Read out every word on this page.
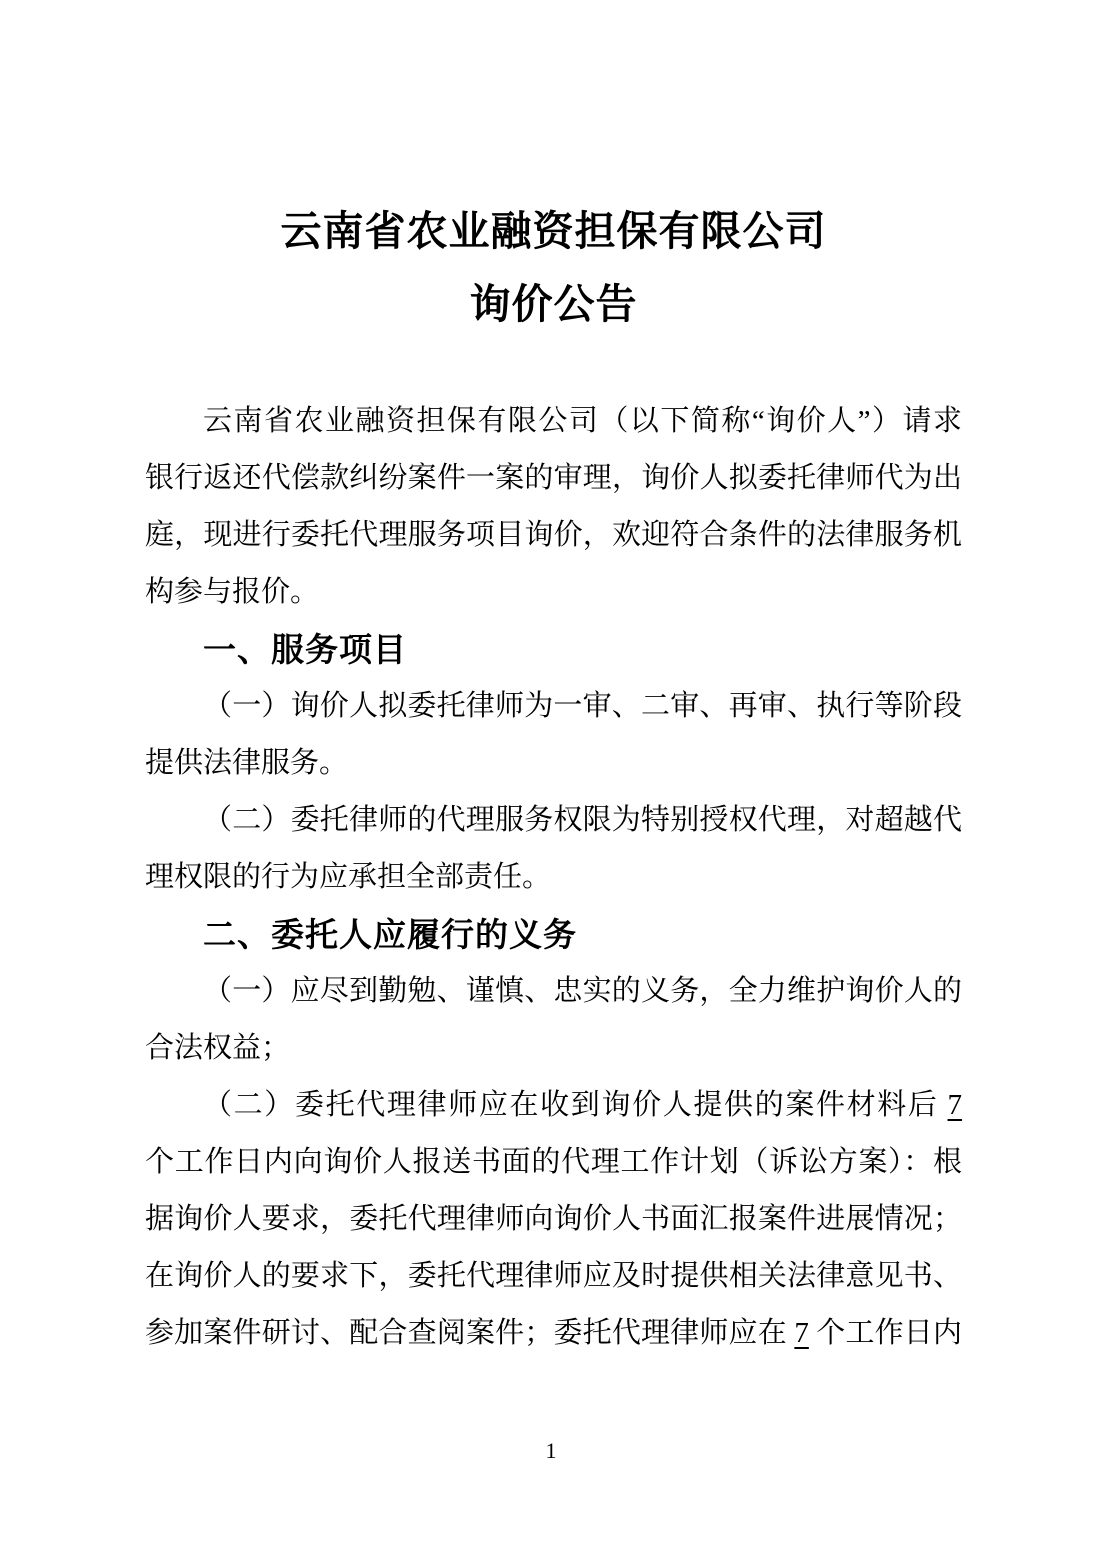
云南省农业融资担保有限公司
询价公告
云南省农业融资担保有限公司（以下简称“询价人”）请求
银行返还代偿款纠纷案件一案的审理，询价人拟委托律师代为出
庭，现进行委托代理服务项目询价，欢迎符合条件的法律服务机
构参与报价。
一、服务项目
（一）询价人拟委托律师为一审、二审、再审、执行等阶段
提供法律服务。
（二）委托律师的代理服务权限为特别授权代理，对超越代
理权限的行为应承担全部责任。
二、委托人应履行的义务
（一）应尽到勤勉、谨慎、忠实的义务，全力维护询价人的
合法权益；
（二）委托代理律师应在收到询价人提供的案件材料后 7
个工作日内向询价人报送书面的代理工作计划（诉讼方案）：根
据询价人要求，委托代理律师向询价人书面汇报案件进展情况；
在询价人的要求下，委托代理律师应及时提供相关法律意见书、
参加案件研讨、配合查阅案件；委托代理律师应在 7 个工作日内
1
